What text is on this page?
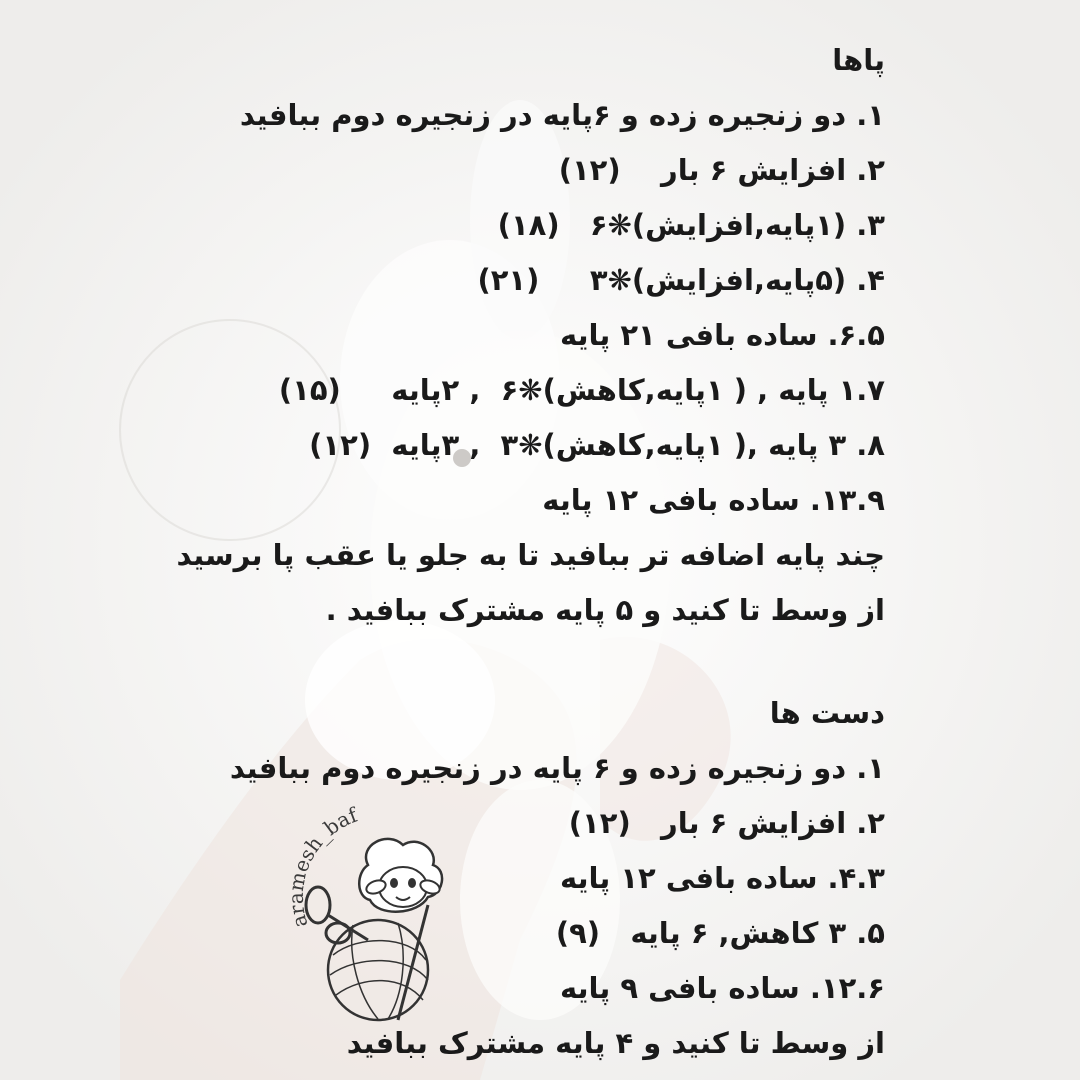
پاها

۱. دو زنجیره زده و ۶پایه در زنجیره دوم ببافید

۲. افزایش ۶ بار    (۱۲)

۳. (۱پایه,افزایش)❋۶   (۱۸)

۴. (۵پایه,افزایش)❋۳     (۲۱)

۶.۵. ساده بافی ۲۱ پایه

۱.۷ پایه , ( ۱پایه,کاهش)❋۶  , ۲پایه     (۱۵)

۸. ۳ پایه ,( ۱پایه,کاهش)❋۳  , ۳پایه  (۱۲)

۱۳.۹. ساده بافی ۱۲ پایه

چند پایه اضافه تر ببافید تا به جلو یا عقب پا برسید

از وسط تا کنید و ۵ پایه مشترک ببافید .

دست ها

۱. دو زنجیره زده و ۶ پایه در زنجیره دوم ببافید

۲. افزایش ۶ بار   (۱۲)

۴.۳. ساده بافی ۱۲ پایه

۵. ۳ کاهش, ۶ پایه   (۹)

۱۲.۶. ساده بافی ۹ پایه

از وسط تا کنید و ۴ پایه مشترک ببافید

aramesh_baf
